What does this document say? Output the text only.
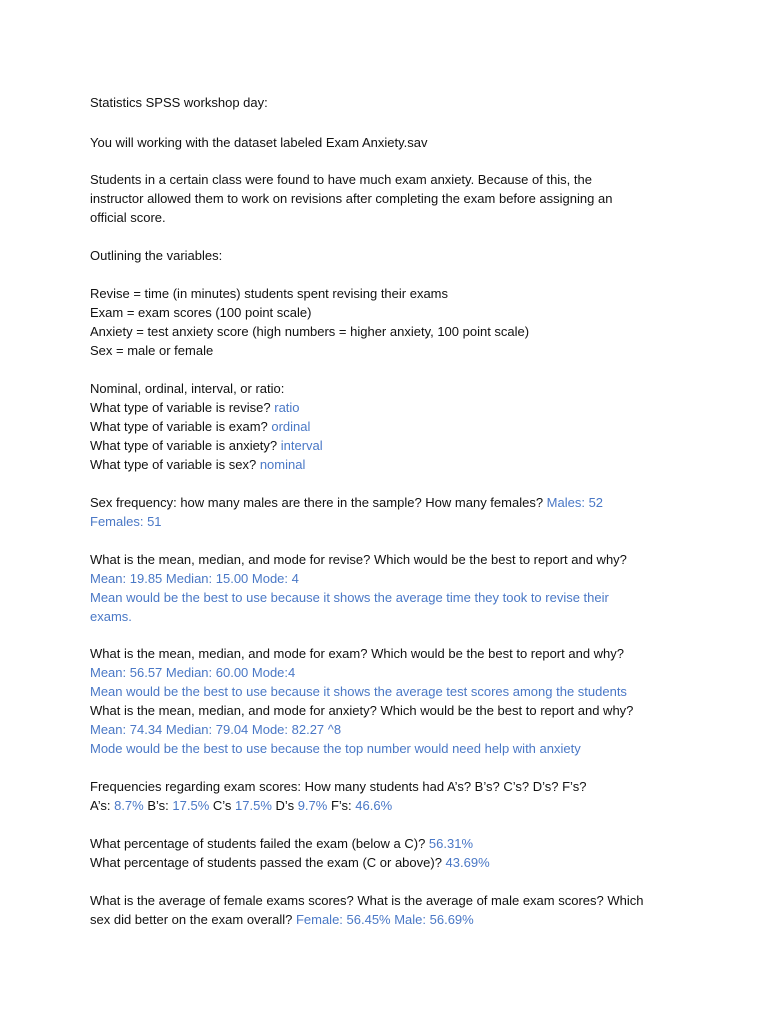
Statistics SPSS workshop day:
You will working with the dataset labeled Exam Anxiety.sav
Students in a certain class were found to have much exam anxiety. Because of this, the
instructor allowed them to work on revisions after completing the exam before assigning an
official score.
Outlining the variables:
Revise = time (in minutes) students spent revising their exams
Exam = exam scores (100 point scale)
Anxiety = test anxiety score (high numbers = higher anxiety, 100 point scale)
Sex = male or female
Nominal, ordinal, interval, or ratio:
What type of variable is revise? ratio
What type of variable is exam? ordinal
What type of variable is anxiety? interval
What type of variable is sex? nominal
Sex frequency: how many males are there in the sample? How many females? Males: 52
Females: 51
What is the mean, median, and mode for revise? Which would be the best to report and why?
Mean: 19.85 Median: 15.00 Mode: 4
Mean would be the best to use because it shows the average time they took to revise their
exams.
What is the mean, median, and mode for exam? Which would be the best to report and why?
Mean: 56.57 Median: 60.00 Mode:4
Mean would be the best to use because it shows the average test scores among the students
What is the mean, median, and mode for anxiety? Which would be the best to report and why?
Mean: 74.34 Median: 79.04 Mode: 82.27 ^8
Mode would be the best to use because the top number would need help with anxiety
Frequencies regarding exam scores: How many students had A’s? B’s? C’s? D’s? F’s?
A’s: 8.7% B’s: 17.5% C’s 17.5% D’s 9.7% F’s: 46.6%
What percentage of students failed the exam (below a C)? 56.31%
What percentage of students passed the exam (C or above)? 43.69%
What is the average of female exams scores? What is the average of male exam scores? Which
sex did better on the exam overall? Female: 56.45% Male: 56.69%
